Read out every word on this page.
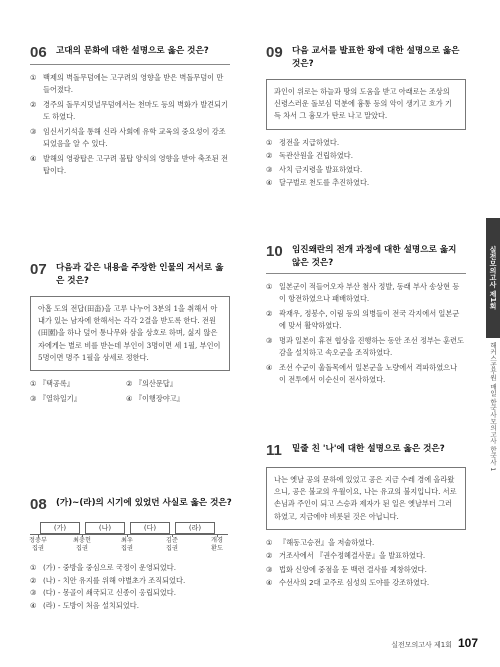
06	고대의 문화에 대한 설명으로 옳은 것은?
① 백제의 벽돌무덤에는 고구려의 영향을 받은 벽돌무덤이 만들어졌다.
② 경주의 돌무지덧널무덤에서는 천마도 등의 벽화가 발견되기도 하였다.
③ 임신서기석을 통해 신라 사회에 유학 교육의 중요성이 강조되었음을 알 수 있다.
④ 발해의 영광탑은 고구려 불탑 양식의 영향을 받아 축조된 전탑이다.
07	다음과 같은 내용을 주장한 인물의 저서로 옳은 것은?
아홉 도의 전답(田畓)을 고루 나누어 3분의 1을 취해서 아내가 있는 남자에 한해서는 각각 2결을 받도록 한다. 전원(田園)을 하나 덮어 통나무와 삼을 상호로 하며, 싫지 않은 자에게는 별로 비를 받는데 부인이 3명이면 세 1필, 부인이 5명이면 명주 1필을 상세로 정한다.
① 『택공록』	② 『의산문답』
③ 『열하일기』	④ 『이행장야고』
08	(가)~(라)의 시기에 있었던 사실로 옳은 것은?
(가)	(나)	(다)	(라)
정중부
집권
최충헌
집권
최우
집권
김준
집권
개경
환도
① (가) - 중방을 중심으로 국정이 운영되었다.
② (나) - 치안 유지를 위해 야별초가 조직되었다.
③ (다) - 몽골이 쇄국되고 신종이 옹립되었다.
④ (라) - 도방이 처음 설치되었다.
09	다음 교서를 발표한 왕에 대한 설명으로 옳은 것은?
과인이 위로는 하늘과 땅의 도움을 받고 아래로는 조상의 신령스러운 돌보심 덕분에 흉통 등의 악이 생기고 흐가 기득 차서 그 흉모가 탄로 나고 말았다.
① 정전을 지급하였다.
② 독관산원을 건립하였다.
③ 사치 금지령을 발표하였다.
④ 달구벌로 천도를 추진하였다.
10	임진왜란의 전개 과정에 대한 설명으로 옳지 않은 것은?
① 일본군이 적들어오자 부산 첨사 정발, 동래 부사 송상현 등이 항전하였으나 패배하였다.
② 곽재우, 정봉수, 이림 등의 의병들이 전국 각지에서 일본군에 맞서 활약하였다.
③ 명과 일본이 휴전 협상을 진행하는 동안 조선 정부는 훈련도감을 설치하고 속오군을 조직하였다.
④ 조선 수군이 울돌목에서 일본군을 노량에서 격파하였으나 이 전투에서 이순신이 전사하였다.
11	밑줄 친 '나'에 대한 설명으로 옳은 것은?
나는 옛날 공의 문하에 있었고 공은 지금 수레 경에 올라왔으니, 공은 불교의 우월이요, 나는 유교의 불지입니다. 서로 손님과 주인이 되고 스승과 제자가 된 일은 옛날부터 그러하였고, 지금에야 비롯된 것은 아닙니다.
① 『해동고승전』을 저술하였다.
② 거조사에서 『권수정혜결사문』을 발표하였다.
③ 법화 신앙에 중점을 둔 백련 결사를 제창하였다.
④ 수선사의 2대 교주로 심성의 도야를 강조하였다.
실전모의고사 제1회
해커스공무원 매일 한국사모의고사 한국사 1
실전모의고사 제1회 107
